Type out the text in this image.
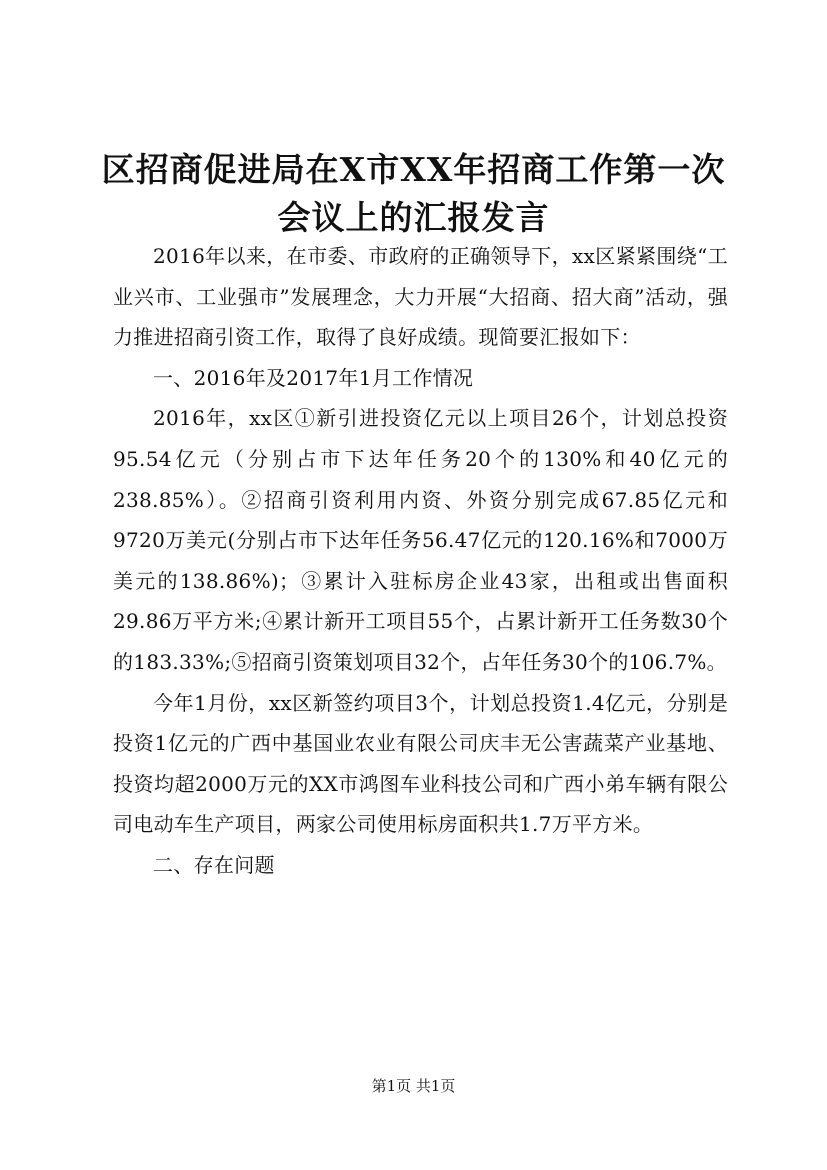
区招商促进局在X市XX年招商工作第一次会议上的汇报发言

2016年以来，在市委、市政府的正确领导下，xx区紧紧围绕“工业兴市、工业强市”发展理念，大力开展“大招商、招大商”活动，强力推进招商引资工作，取得了良好成绩。现简要汇报如下：

一、2016年及2017年1月工作情况

2016年，xx区①新引进投资亿元以上项目26个，计划总投资95.54亿元（分别占市下达年任务20个的130%和40亿元的238.85%）。②招商引资利用内资、外资分别完成67.85亿元和9720万美元(分别占市下达年任务56.47亿元的120.16%和7000万美元的138.86%)；③累计入驻标房企业43家，出租或出售面积29.86万平方米;④累计新开工项目55个，占累计新开工任务数30个的183.33%;⑤招商引资策划项目32个，占年任务30个的106.7%。

今年1月份，xx区新签约项目3个，计划总投资1.4亿元，分别是投资1亿元的广西中基国业农业有限公司庆丰无公害蔬菜产业基地、投资均超2000万元的XX市鸿图车业科技公司和广西小弟车辆有限公司电动车生产项目，两家公司使用标房面积共1.7万平方米。

二、存在问题

第1页 共1页
